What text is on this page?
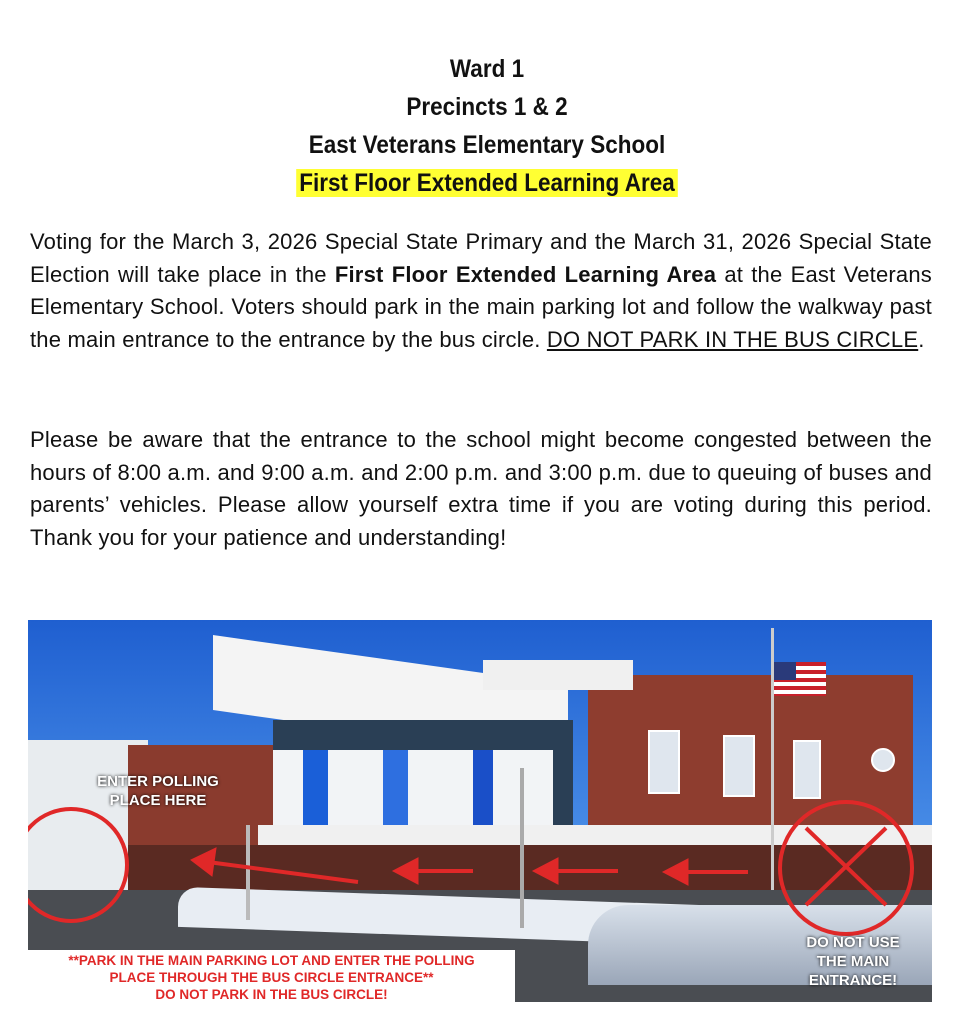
Ward 1
Precincts 1 & 2
East Veterans Elementary School
First Floor Extended Learning Area
Voting for the March 3, 2026 Special State Primary and the March 31, 2026 Special State Election will take place in the First Floor Extended Learning Area at the East Veterans Elementary School. Voters should park in the main parking lot and follow the walkway past the main entrance to the entrance by the bus circle. DO NOT PARK IN THE BUS CIRCLE.
Please be aware that the entrance to the school might become congested between the hours of 8:00 a.m. and 9:00 a.m. and 2:00 p.m. and 3:00 p.m. due to queuing of buses and parents’ vehicles. Please allow yourself extra time if you are voting during this period. Thank you for your patience and understanding!
ENTER POLLING
PLACE HERE
DO NOT USE
THE MAIN
ENTRANCE!
**PARK IN THE MAIN PARKING LOT AND ENTER THE POLLING
PLACE THROUGH THE BUS CIRCLE ENTRANCE**
DO NOT PARK IN THE BUS CIRCLE!
